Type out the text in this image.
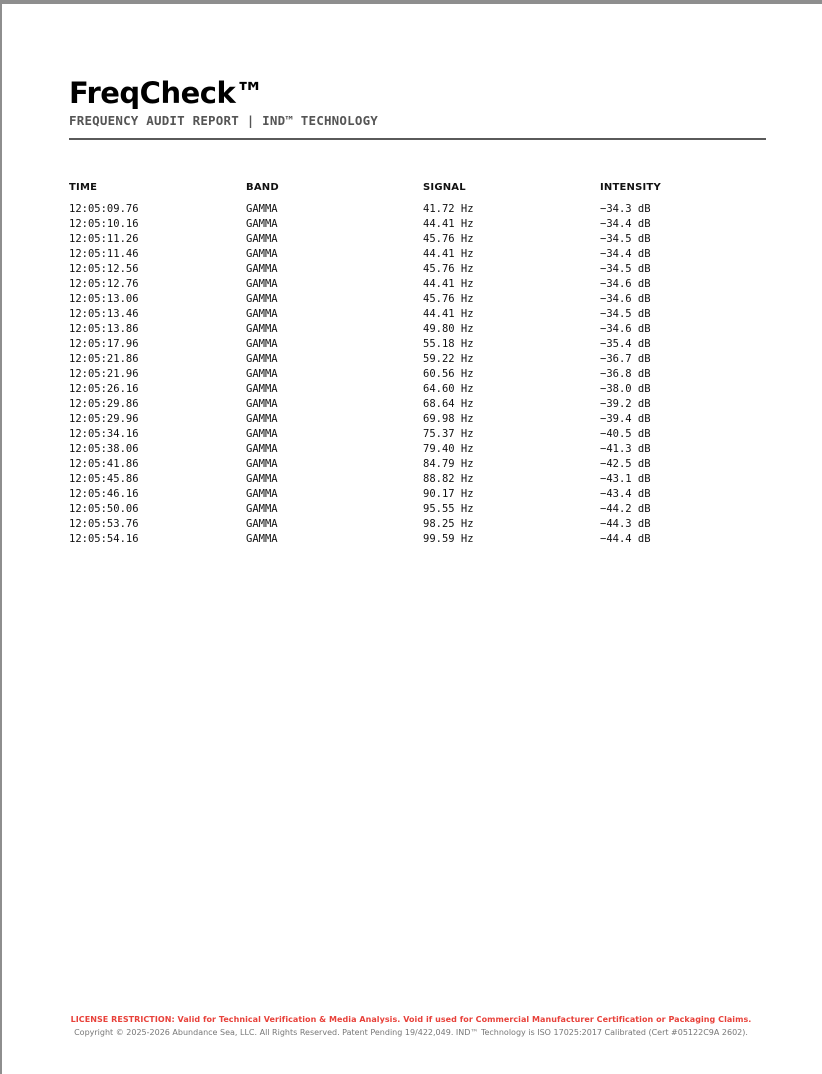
FreqCheck™
FREQUENCY AUDIT REPORT | IND™ TECHNOLOGY
TIME	BAND	SIGNAL	INTENSITY
12:05:09.76	GAMMA	41.72 Hz	−34.3 dB
12:05:10.16	GAMMA	44.41 Hz	−34.4 dB
12:05:11.26	GAMMA	45.76 Hz	−34.5 dB
12:05:11.46	GAMMA	44.41 Hz	−34.4 dB
12:05:12.56	GAMMA	45.76 Hz	−34.5 dB
12:05:12.76	GAMMA	44.41 Hz	−34.6 dB
12:05:13.06	GAMMA	45.76 Hz	−34.6 dB
12:05:13.46	GAMMA	44.41 Hz	−34.5 dB
12:05:13.86	GAMMA	49.80 Hz	−34.6 dB
12:05:17.96	GAMMA	55.18 Hz	−35.4 dB
12:05:21.86	GAMMA	59.22 Hz	−36.7 dB
12:05:21.96	GAMMA	60.56 Hz	−36.8 dB
12:05:26.16	GAMMA	64.60 Hz	−38.0 dB
12:05:29.86	GAMMA	68.64 Hz	−39.2 dB
12:05:29.96	GAMMA	69.98 Hz	−39.4 dB
12:05:34.16	GAMMA	75.37 Hz	−40.5 dB
12:05:38.06	GAMMA	79.40 Hz	−41.3 dB
12:05:41.86	GAMMA	84.79 Hz	−42.5 dB
12:05:45.86	GAMMA	88.82 Hz	−43.1 dB
12:05:46.16	GAMMA	90.17 Hz	−43.4 dB
12:05:50.06	GAMMA	95.55 Hz	−44.2 dB
12:05:53.76	GAMMA	98.25 Hz	−44.3 dB
12:05:54.16	GAMMA	99.59 Hz	−44.4 dB
LICENSE RESTRICTION: Valid for Technical Verification & Media Analysis. Void if used for Commercial Manufacturer Certification or Packaging Claims.
Copyright © 2025-2026 Abundance Sea, LLC. All Rights Reserved. Patent Pending 19/422,049. IND™ Technology is ISO 17025:2017 Calibrated (Cert #05122C9A 2602).
